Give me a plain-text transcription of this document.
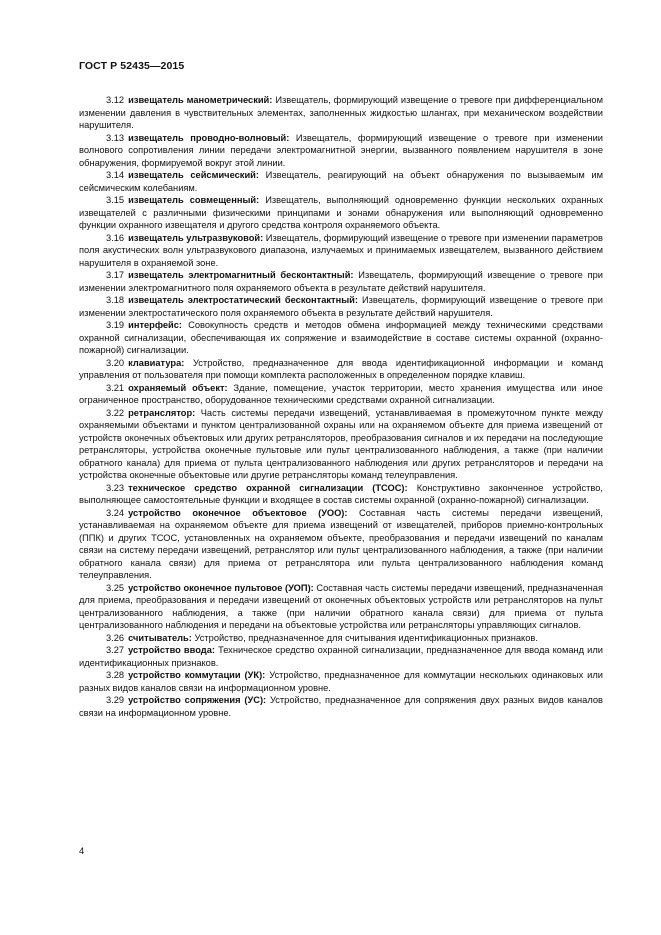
ГОСТ Р 52435—2015

3.12 извещатель манометрический: Извещатель, формирующий извещение о тревоге при дифференциальном изменении давления в чувствительных элементах, заполненных жидкостью шлангах, при механическом воздействии нарушителя.

3.13 извещатель проводно-волновый: Извещатель, формирующий извещение о тревоге при изменении волнового сопротивления линии передачи электромагнитной энергии, вызванного появлением нарушителя в зоне обнаружения, формируемой вокруг этой линии.

3.14 извещатель сейсмический: Извещатель, реагирующий на объект обнаружения по вызываемым им сейсмическим колебаниям.

3.15 извещатель совмещенный: Извещатель, выполняющий одновременно функции нескольких охранных извещателей с различными физическими принципами и зонами обнаружения или выполняющий одновременно функции охранного извещателя и другого средства контроля охраняемого объекта.

3.16 извещатель ультразвуковой: Извещатель, формирующий извещение о тревоге при изменении параметров поля акустических волн ультразвукового диапазона, излучаемых и принимаемых извещателем, вызванного действием нарушителя в охраняемой зоне.

3.17 извещатель электромагнитный бесконтактный: Извещатель, формирующий извещение о тревоге при изменении электромагнитного поля охраняемого объекта в результате действий нарушителя.

3.18 извещатель электростатический бесконтактный: Извещатель, формирующий извещение о тревоге при изменении электростатического поля охраняемого объекта в результате действий нарушителя.

3.19 интерфейс: Совокупность средств и методов обмена информацией между техническими средствами охранной сигнализации, обеспечивающая их сопряжение и взаимодействие в составе системы охранной (охранно-пожарной) сигнализации.

3.20 клавиатура: Устройство, предназначенное для ввода идентификационной информации и команд управления от пользователя при помощи комплекта расположенных в определенном порядке клавиш.

3.21 охраняемый объект: Здание, помещение, участок территории, место хранения имущества или иное ограниченное пространство, оборудованное техническими средствами охранной сигнализации.

3.22 ретранслятор: Часть системы передачи извещений, устанавливаемая в промежуточном пункте между охраняемыми объектами и пунктом централизованной охраны или на охраняемом объекте для приема извещений от устройств оконечных объектовых или других ретрансляторов, преобразования сигналов и их передачи на последующие ретрансляторы, устройства оконечные пультовые или пульт централизованного наблюдения, а также (при наличии обратного канала) для приема от пульта централизованного наблюдения или других ретрансляторов и передачи на устройства оконечные объектовые или другие ретрансляторы команд телеуправления.

3.23 техническое средство охранной сигнализации (ТСОС): Конструктивно законченное устройство, выполняющее самостоятельные функции и входящее в состав системы охранной (охранно-пожарной) сигнализации.

3.24 устройство оконечное объектовое (УОО): Составная часть системы передачи извещений, устанавливаемая на охраняемом объекте для приема извещений от извещателей, приборов приемно-контрольных (ППК) и других ТСОС, установленных на охраняемом объекте, преобразования и передачи извещений по каналам связи на систему передачи извещений, ретранслятор или пульт централизованного наблюдения, а также (при наличии обратного канала связи) для приема от ретранслятора или пульта централизованного наблюдения команд телеуправления.

3.25 устройство оконечное пультовое (УОП): Составная часть системы передачи извещений, предназначенная для приема, преобразования и передачи извещений от оконечных объектовых устройств или ретрансляторов на пульт централизованного наблюдения, а также (при наличии обратного канала связи) для приема от пульта централизованного наблюдения и передачи на объектовые устройства или ретрансляторы управляющих сигналов.

3.26 считыватель: Устройство, предназначенное для считывания идентификационных признаков.

3.27 устройство ввода: Техническое средство охранной сигнализации, предназначенное для ввода команд или идентификационных признаков.

3.28 устройство коммутации (УК): Устройство, предназначенное для коммутации нескольких одинаковых или разных видов каналов связи на информационном уровне.

3.29 устройство сопряжения (УС): Устройство, предназначенное для сопряжения двух разных видов каналов связи на информационном уровне.

4
